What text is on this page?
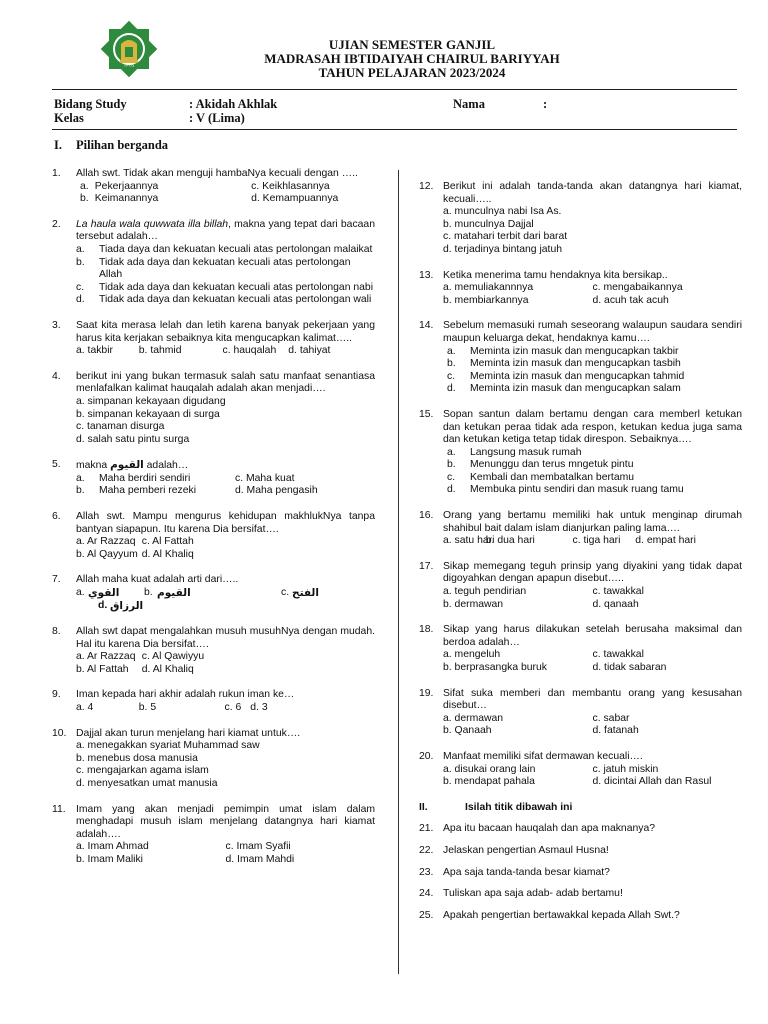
YPHS
UJIAN SEMESTER GANJIL
MADRASAH IBTIDAIYAH CHAIRUL BARIYYAH
TAHUN PELAJARAN 2023/2024
Bidang Study	: Akidah Akhlak	Nama	:
Kelas	: V (Lima)
I. Pilihan berganda
1. Allah swt. Tidak akan menguji hambaNya kecuali dengan …..
a. Pekerjaannya	c. Keikhlasannya
b. Keimanannya	d. Kemampuannya
2. La haula wala quwwata illa billah, makna yang tepat dari bacaan tersebut adalah…
a.	Tiada daya dan kekuatan kecuali atas pertolongan malaikat
b.	Tidak ada daya dan kekuatan kecuali atas pertolongan Allah
c.	Tidak ada daya dan kekuatan kecuali atas pertolongan nabi
d.	Tidak ada daya dan kekuatan kecuali atas pertolongan wali
3. Saat kita merasa lelah dan letih karena banyak pekerjaan yang harus kita kerjakan sebaiknya kita mengucapkan kalimat…..
a. takbir	b. tahmid	c. hauqalah	d. tahiyat
4. berikut ini yang bukan termasuk salah satu manfaat senantiasa menlafalkan kalimat hauqalah adalah akan menjadi….
a. simpanan kekayaan digudang
b. simpanan kekayaan di surga
c. tanaman disurga
d. salah satu pintu surga
5. makna القيوم adalah…
a.	Maha berdiri sendiri	c. Maha kuat
b.	Maha pemberi rezeki	d. Maha pengasih
6. Allah swt. Mampu mengurus kehidupan makhlukNya tanpa bantyan siapapun. Itu karena Dia bersifat….
a. Ar Razzaq c. Al Fattah
b. Al Qayyum d. Al Khaliq
7. Allah maha kuat adalah arti dari…..
a. القوي b. القيوم	c. الفتح
d. الرزاق
8. Allah swt dapat mengalahkan musuh musuhNya dengan mudah. Hal itu karena Dia bersifat….
a. Ar Razzaq c. Al Qawiyyu
b. Al Fattah	d. Al Khaliq
9. Iman kepada hari akhir adalah rukun iman ke…
a. 4	b. 5	c. 6 d. 3
10. Dajjal akan turun menjelang hari kiamat untuk….
a. menegakkan syariat Muhammad saw
b. menebus dosa manusia
c. mengajarkan agama islam
d. menyesatkan umat manusia
11. Imam yang akan menjadi pemimpin umat islam dalam menghadapi musuh islam menjelang datangnya hari kiamat adalah….
a. Imam Ahmad	c. Imam Syafii
b. Imam Maliki	d. Imam Mahdi
12. Berikut ini adalah tanda-tanda akan datangnya hari kiamat, kecuali…..
a. munculnya nabi Isa As.
b. munculnya Dajjal
c. matahari terbit dari barat
d. terjadinya bintang jatuh
13. Ketika menerima tamu hendaknya kita bersikap..
a. memuliakannnya	c. mengabaikannya
b. membiarkannya	d. acuh tak acuh
14. Sebelum memasuki rumah seseorang walaupun saudara sendiri maupun keluarga dekat, hendaknya kamu….
a.	Meminta izin masuk dan mengucapkan takbir
b.	Meminta izin masuk dan mengucapkan tasbih
c.	Meminta izin masuk dan mengucapkan tahmid
d.	Meminta izin masuk dan mengucapkan salam
15. Sopan santun dalam bertamu dengan cara memberl ketukan dan ketukan peraa tidak ada respon, ketukan kedua juga sama dan ketukan ketiga tetap tidak direspon. Sebaiknya….
a.	Langsung masuk rumah
b.	Menunggu dan terus mngetuk pintu
c.	Kembali dan membatalkan bertamu
d.	Membuka pintu sendiri dan masuk ruang tamu
16. Orang yang bertamu memiliki hak untuk menginap dirumah shahibul bait dalam islam dianjurkan paling lama….
a. satu hari
b. dua hari	c. tiga hari	d. empat hari
17. Sikap memegang teguh prinsip yang diyakini yang tidak dapat digoyahkan dengan apapun disebut…..
a. teguh pendirian	c. tawakkal
b. dermawan	d. qanaah
18. Sikap yang harus dilakukan setelah berusaha maksimal dan berdoa adalah…
a. mengeluh	c. tawakkal
b. berprasangka buruk	d. tidak sabaran
19. Sifat suka memberi dan membantu orang yang kesusahan disebut…
a. dermawan	c. sabar
b. Qanaah	d. fatanah
20. Manfaat memiliki sifat dermawan kecuali….
a. disukai orang lain	c. jatuh miskin
b. mendapat pahala	d. dicintai Allah dan Rasul
II.	Isilah titik dibawah ini

21. Apa itu bacaan hauqalah dan apa maknanya?
22. Jelaskan pengertian Asmaul Husna!
23. Apa saja tanda-tanda besar kiamat?
24. Tuliskan apa saja adab- adab bertamu!
25. Apakah pengertian bertawakkal kepada Allah Swt.?
